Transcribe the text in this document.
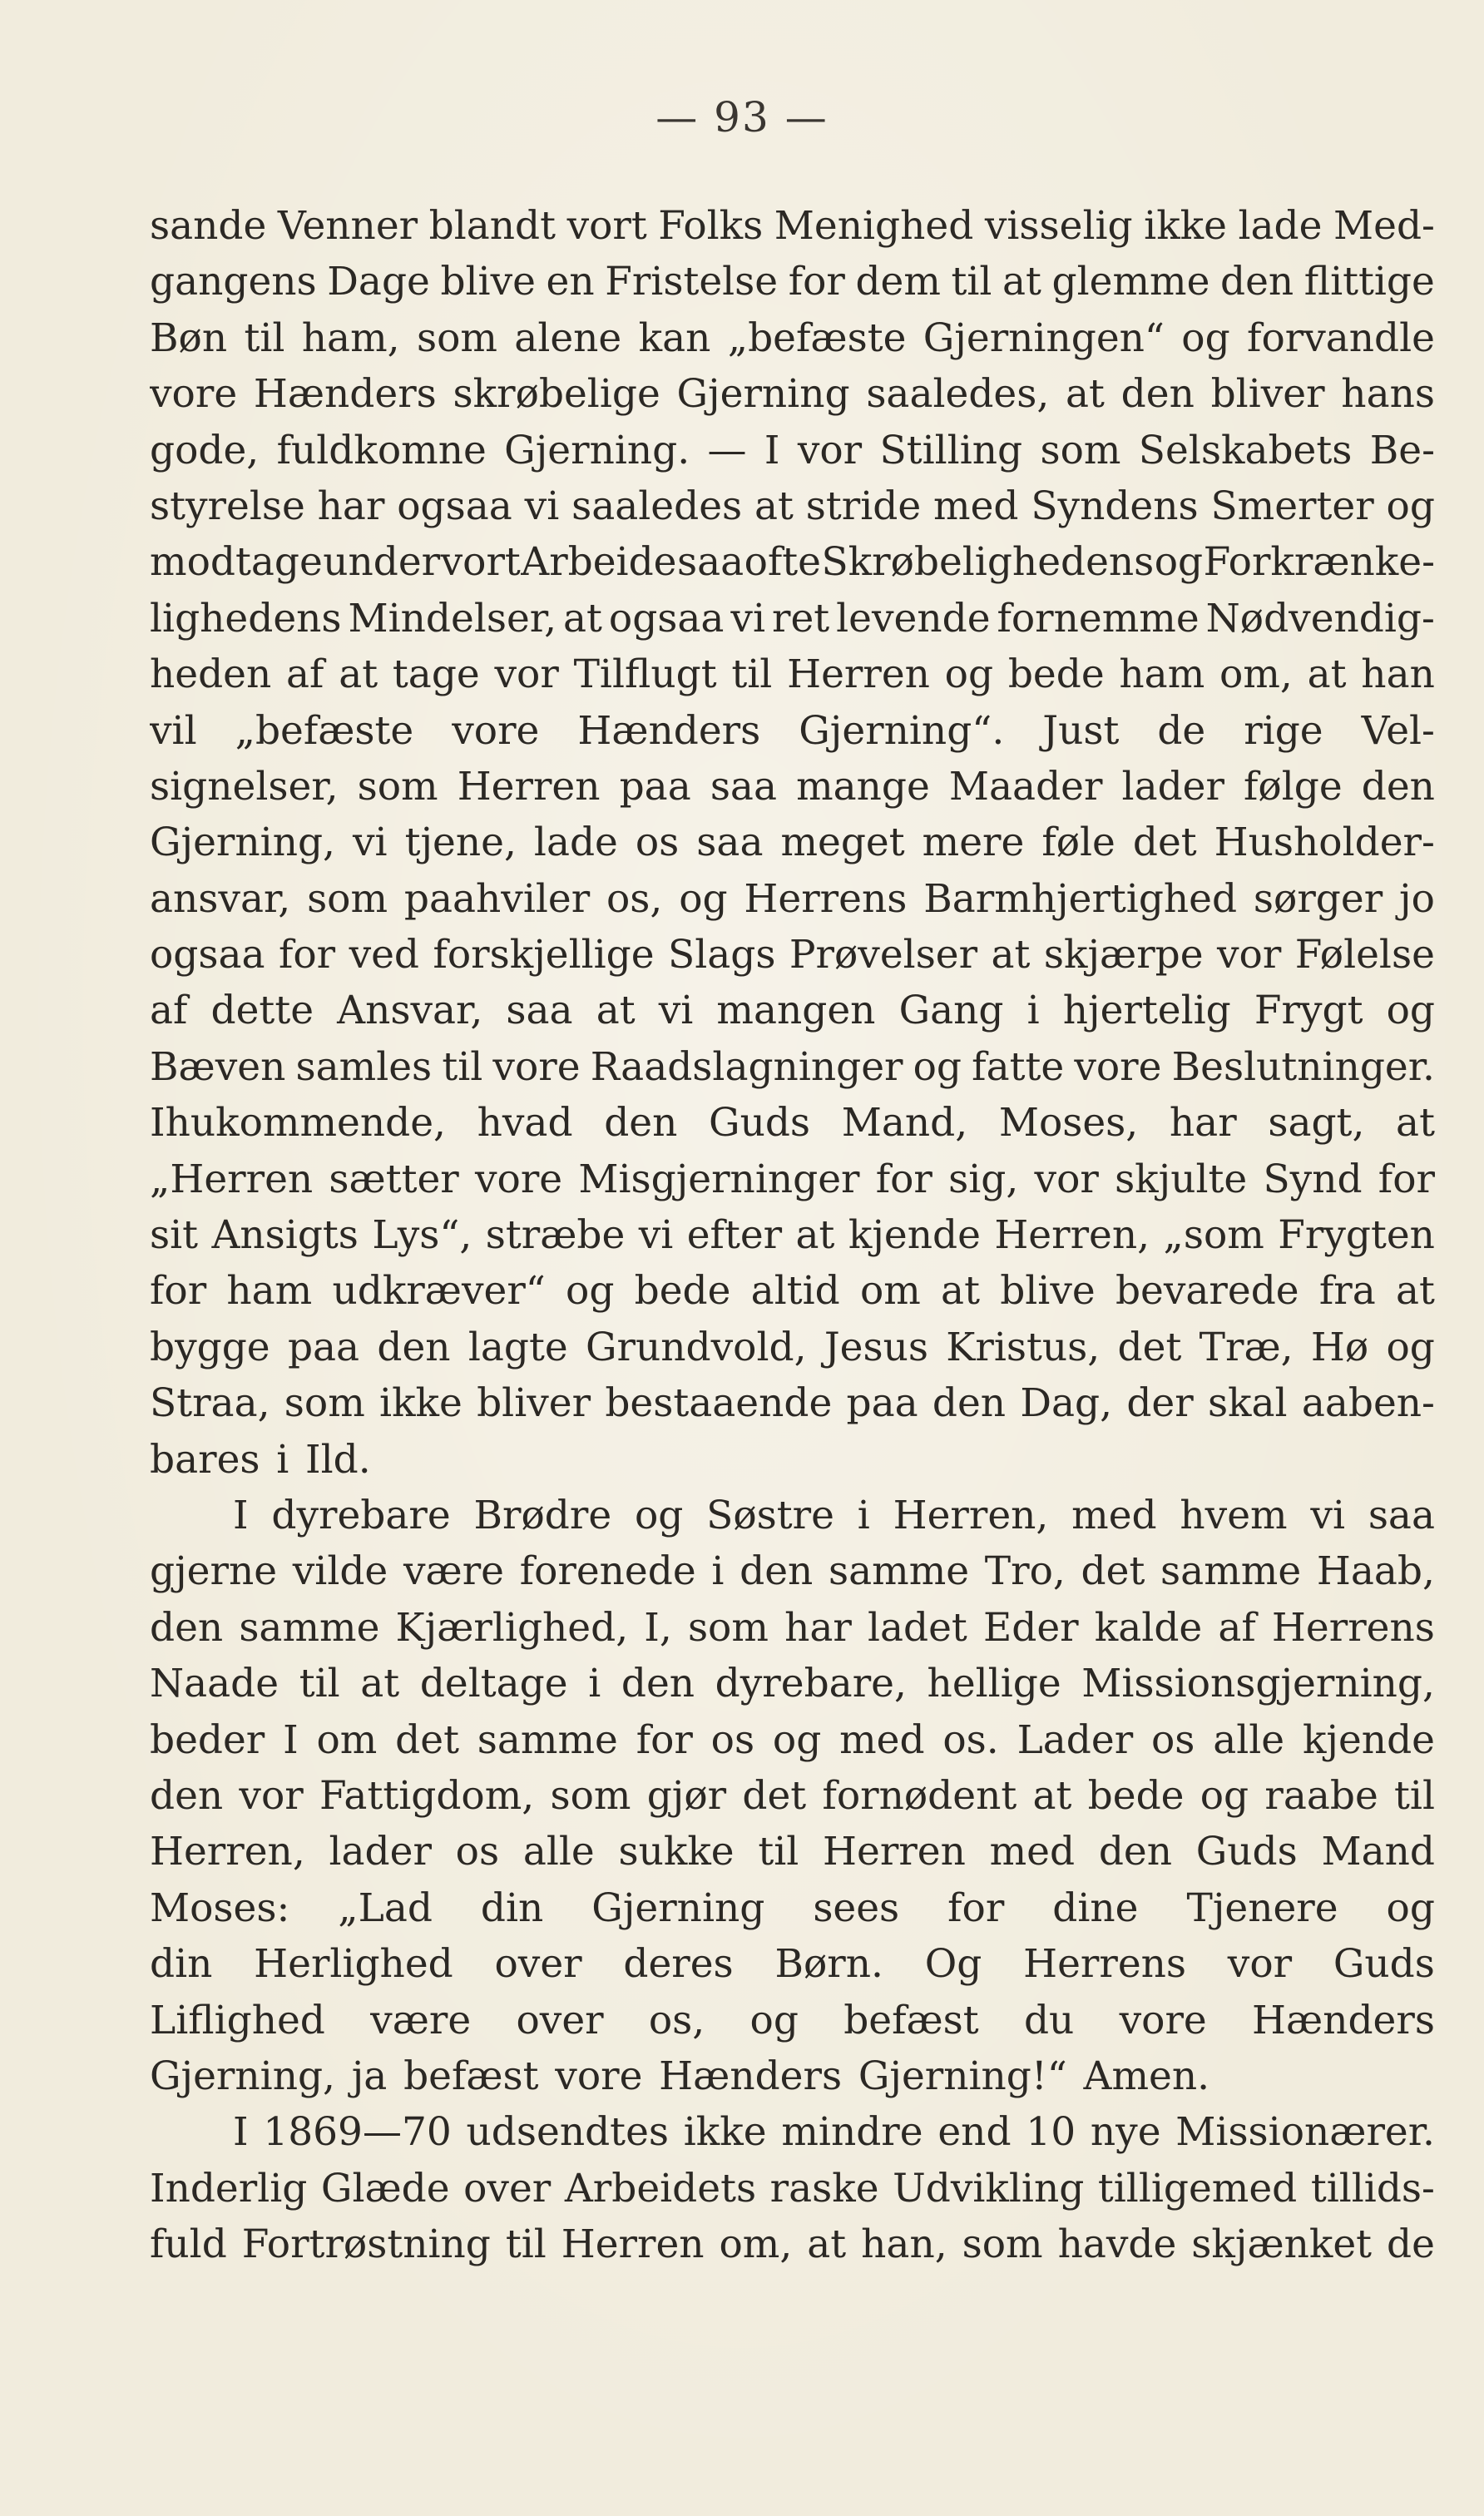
— 93 —
sande Venner blandt vort Folks Menighed visselig ikke lade Med-
gangens Dage blive en Fristelse for dem til at glemme den flittige
Bøn til ham, som alene kan „befæste Gjerningen“ og forvandle
vore Hænders skrøbelige Gjerning saaledes, at den bliver hans
gode, fuldkomne Gjerning. — I vor Stilling som Selskabets Be-
styrelse har ogsaa vi saaledes at stride med Syndens Smerter og
modtage under vort Arbeide saa ofte Skrøbelighedens og Forkrænke-
lighedens Mindelser, at ogsaa vi ret levende fornemme Nødvendig-
heden af at tage vor Tilflugt til Herren og bede ham om, at han
vil „befæste vore Hænders Gjerning“. Just de rige Vel-
signelser, som Herren paa saa mange Maader lader følge den
Gjerning, vi tjene, lade os saa meget mere føle det Husholder-
ansvar, som paahviler os, og Herrens Barmhjertighed sørger jo
ogsaa for ved forskjellige Slags Prøvelser at skjærpe vor Følelse
af dette Ansvar, saa at vi mangen Gang i hjertelig Frygt og
Bæven samles til vore Raadslagninger og fatte vore Beslutninger.
Ihukommende, hvad den Guds Mand, Moses, har sagt, at
„Herren sætter vore Misgjerninger for sig, vor skjulte Synd for
sit Ansigts Lys“, stræbe vi efter at kjende Herren, „som Frygten
for ham udkræver“ og bede altid om at blive bevarede fra at
bygge paa den lagte Grundvold, Jesus Kristus, det Træ, Hø og
Straa, som ikke bliver bestaaende paa den Dag, der skal aaben-
bares i Ild.
I dyrebare Brødre og Søstre i Herren, med hvem vi saa
gjerne vilde være forenede i den samme Tro, det samme Haab,
den samme Kjærlighed, I, som har ladet Eder kalde af Herrens
Naade til at deltage i den dyrebare, hellige Missionsgjerning,
beder I om det samme for os og med os. Lader os alle kjende
den vor Fattigdom, som gjør det fornødent at bede og raabe til
Herren, lader os alle sukke til Herren med den Guds Mand
Moses: „Lad din Gjerning sees for dine Tjenere og
din Herlighed over deres Børn. Og Herrens vor Guds
Liflighed være over os, og befæst du vore Hænders
Gjerning, ja befæst vore Hænders Gjerning!“ Amen.
I 1869—70 udsendtes ikke mindre end 10 nye Missionærer.
Inderlig Glæde over Arbeidets raske Udvikling tilligemed tillids-
fuld Fortrøstning til Herren om, at han, som havde skjænket de
